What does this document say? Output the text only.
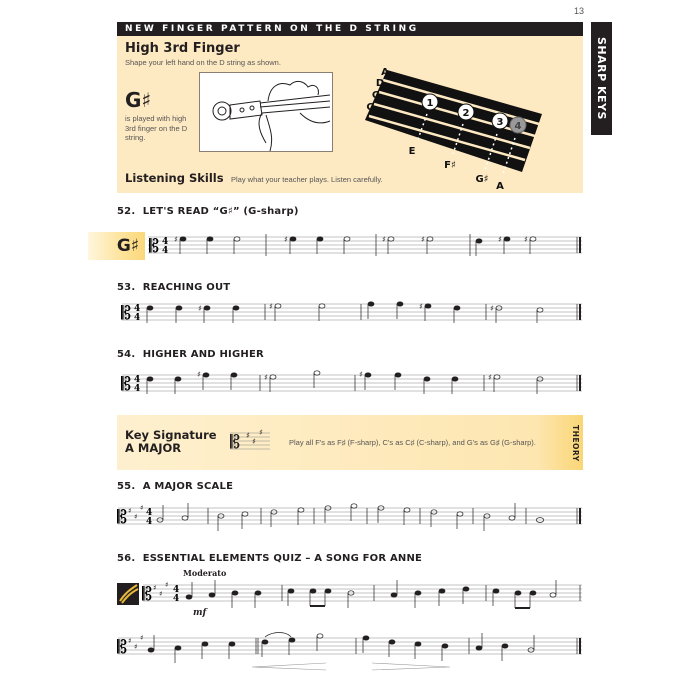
13
SHARP KEYS
NEW FINGER PATTERN ON THE D STRING
High 3rd Finger
Shape your left hand on the D string as shown.
G♯
is played with high 3rd finger on the D string.
1
2
3 4
A
D
G
C
E
F♯
G♯
A
Listening Skills Play what your teacher plays. Listen carefully.
52. LET'S READ “G♯” (G-sharp)
G♯ 𝄡 4
4
♯	♯	♯	♯	♯	♯
53. REACHING OUT
𝄡 4
4
♯	♯	♯	♯
54. HIGHER AND HIGHER
𝄡 4
4
♯	♯	♯	♯
Key Signature
A MAJOR	𝄡 ♯
♯
♯
Play all F's as F♯ (F-sharp), C's as C♯ (C-sharp), and G's as G♯ (G-sharp).	THEORY
55. A MAJOR SCALE
𝄡 ♯
♯
♯ 4
4
56. ESSENTIAL ELEMENTS QUIZ – A SONG FOR ANNE
Moderato
𝄡 ♯
♯
♯ 4
4
mf
𝄡 ♯
♯
♯
